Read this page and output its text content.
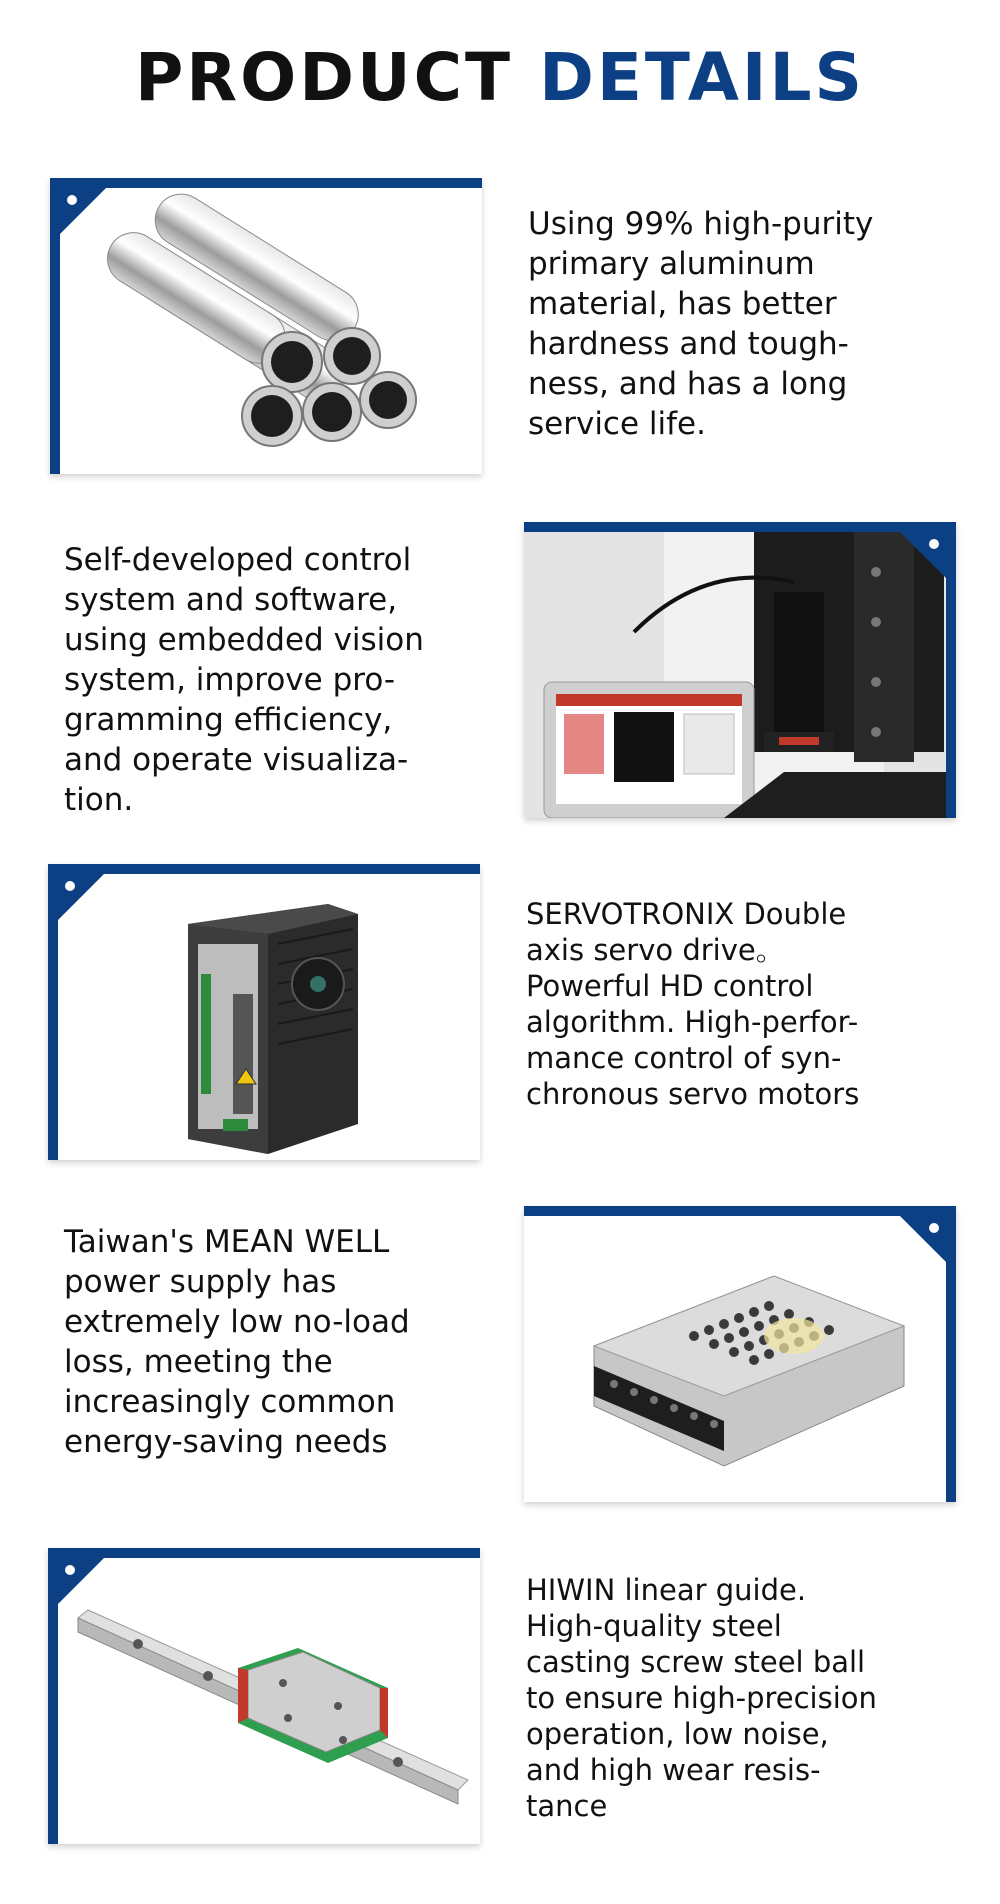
PRODUCT DETAILS
Using 99% high-purity
primary aluminum
material, has better
hardness and tough-
ness, and has a long
service life.
Self-developed control
system and software,
using embedded vision
system, improve pro-
gramming efficiency,
and operate visualiza-
tion.
SERVOTRONIX Double
axis servo drive。
Powerful HD control
algorithm. High-perfor-
mance control of syn-
chronous servo motors
Taiwan's MEAN WELL
power supply has
extremely low no-load
loss, meeting the
increasingly common
energy-saving needs
HIWIN linear guide.
High-quality steel
casting screw steel ball
to ensure high-precision
operation, low noise,
and high wear resis-
tance
